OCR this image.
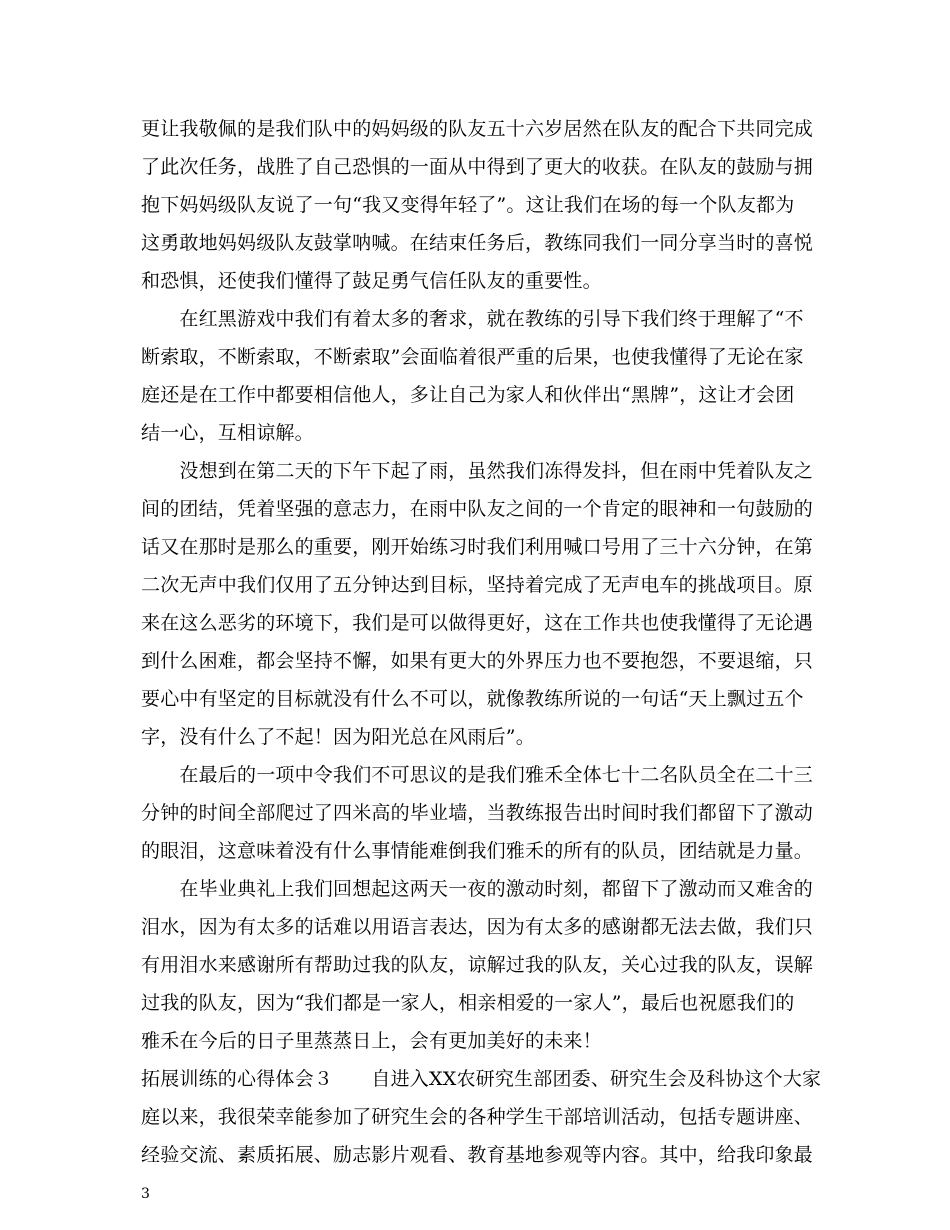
更让我敬佩的是我们队中的妈妈级的队友五十六岁居然在队友的配合下共同完成
了此次任务，战胜了自己恐惧的一面从中得到了更大的收获。在队友的鼓励与拥
抱下妈妈级队友说了一句“我又变得年轻了”。这让我们在场的每一个队友都为
这勇敢地妈妈级队友鼓掌呐喊。在结束任务后，教练同我们一同分享当时的喜悦
和恐惧，还使我们懂得了鼓足勇气信任队友的重要性。
　　在红黑游戏中我们有着太多的奢求，就在教练的引导下我们终于理解了“不
断索取，不断索取，不断索取”会面临着很严重的后果，也使我懂得了无论在家
庭还是在工作中都要相信他人，多让自己为家人和伙伴出“黑牌”，这让才会团
结一心，互相谅解。
　　没想到在第二天的下午下起了雨，虽然我们冻得发抖，但在雨中凭着队友之
间的团结，凭着坚强的意志力，在雨中队友之间的一个肯定的眼神和一句鼓励的
话又在那时是那么的重要，刚开始练习时我们利用喊口号用了三十六分钟，在第
二次无声中我们仅用了五分钟达到目标，坚持着完成了无声电车的挑战项目。原
来在这么恶劣的环境下，我们是可以做得更好，这在工作共也使我懂得了无论遇
到什么困难，都会坚持不懈，如果有更大的外界压力也不要抱怨，不要退缩，只
要心中有坚定的目标就没有什么不可以，就像教练所说的一句话“天上飘过五个
字，没有什么了不起！因为阳光总在风雨后”。
　　在最后的一项中令我们不可思议的是我们雅禾全体七十二名队员全在二十三
分钟的时间全部爬过了四米高的毕业墙，当教练报告出时间时我们都留下了激动
的眼泪，这意味着没有什么事情能难倒我们雅禾的所有的队员，团结就是力量。
　　在毕业典礼上我们回想起这两天一夜的激动时刻，都留下了激动而又难舍的
泪水，因为有太多的话难以用语言表达，因为有太多的感谢都无法去做，我们只
有用泪水来感谢所有帮助过我的队友，谅解过我的队友，关心过我的队友，误解
过我的队友，因为“我们都是一家人，相亲相爱的一家人”，最后也祝愿我们的
雅禾在今后的日子里蒸蒸日上，会有更加美好的未来！
拓展训练的心得体会３　　自进入XX农研究生部团委、研究生会及科协这个大家
庭以来，我很荣幸能参加了研究生会的各种学生干部培训活动，包括专题讲座、
经验交流、素质拓展、励志影片观看、教育基地参观等内容。其中，给我印象最
3
